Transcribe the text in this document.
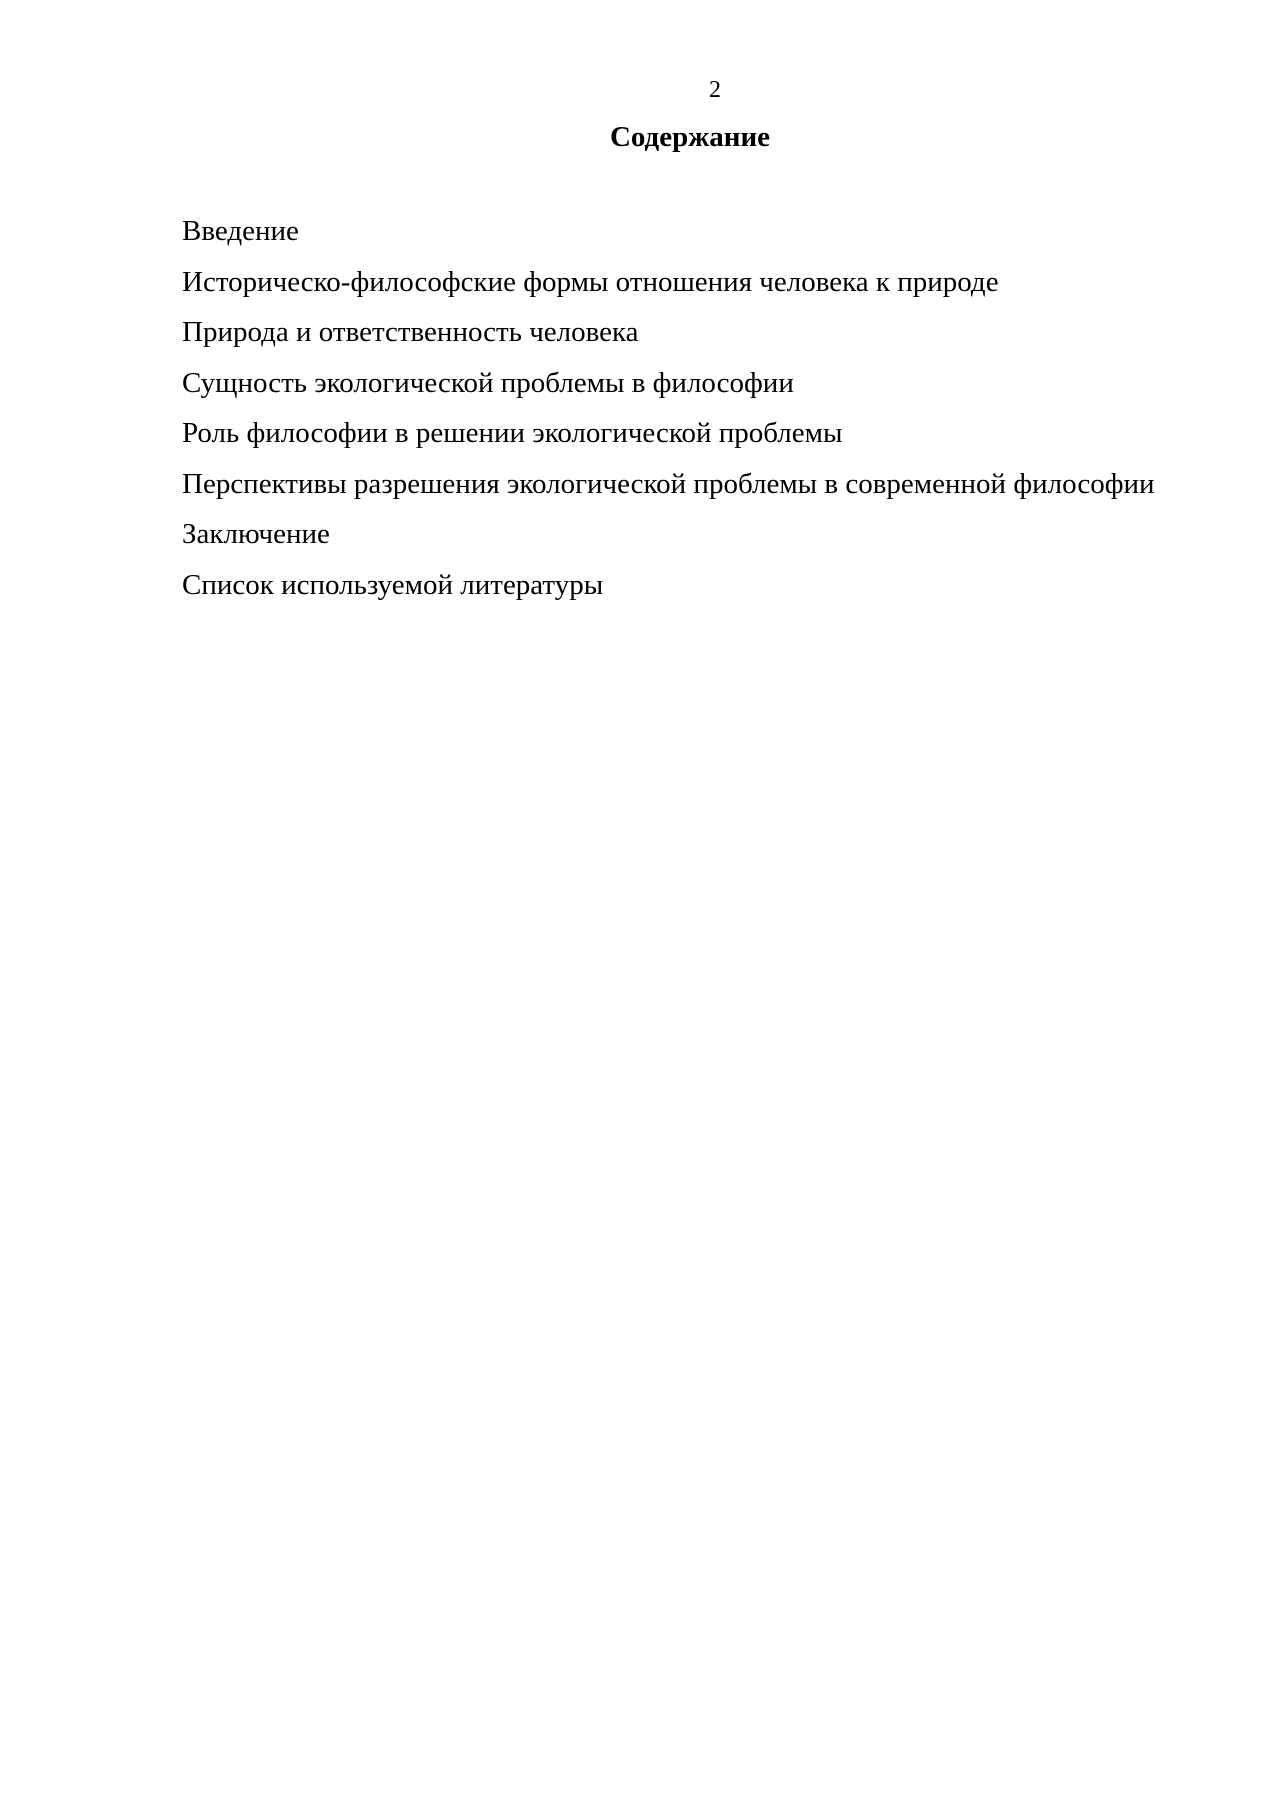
2
Содержание
Введение
Историческо-философские формы отношения человека к природе
Природа и ответственность человека
Сущность экологической проблемы в философии
Роль философии в решении экологической проблемы
Перспективы разрешения экологической проблемы в современной философии
Заключение
Список используемой литературы
